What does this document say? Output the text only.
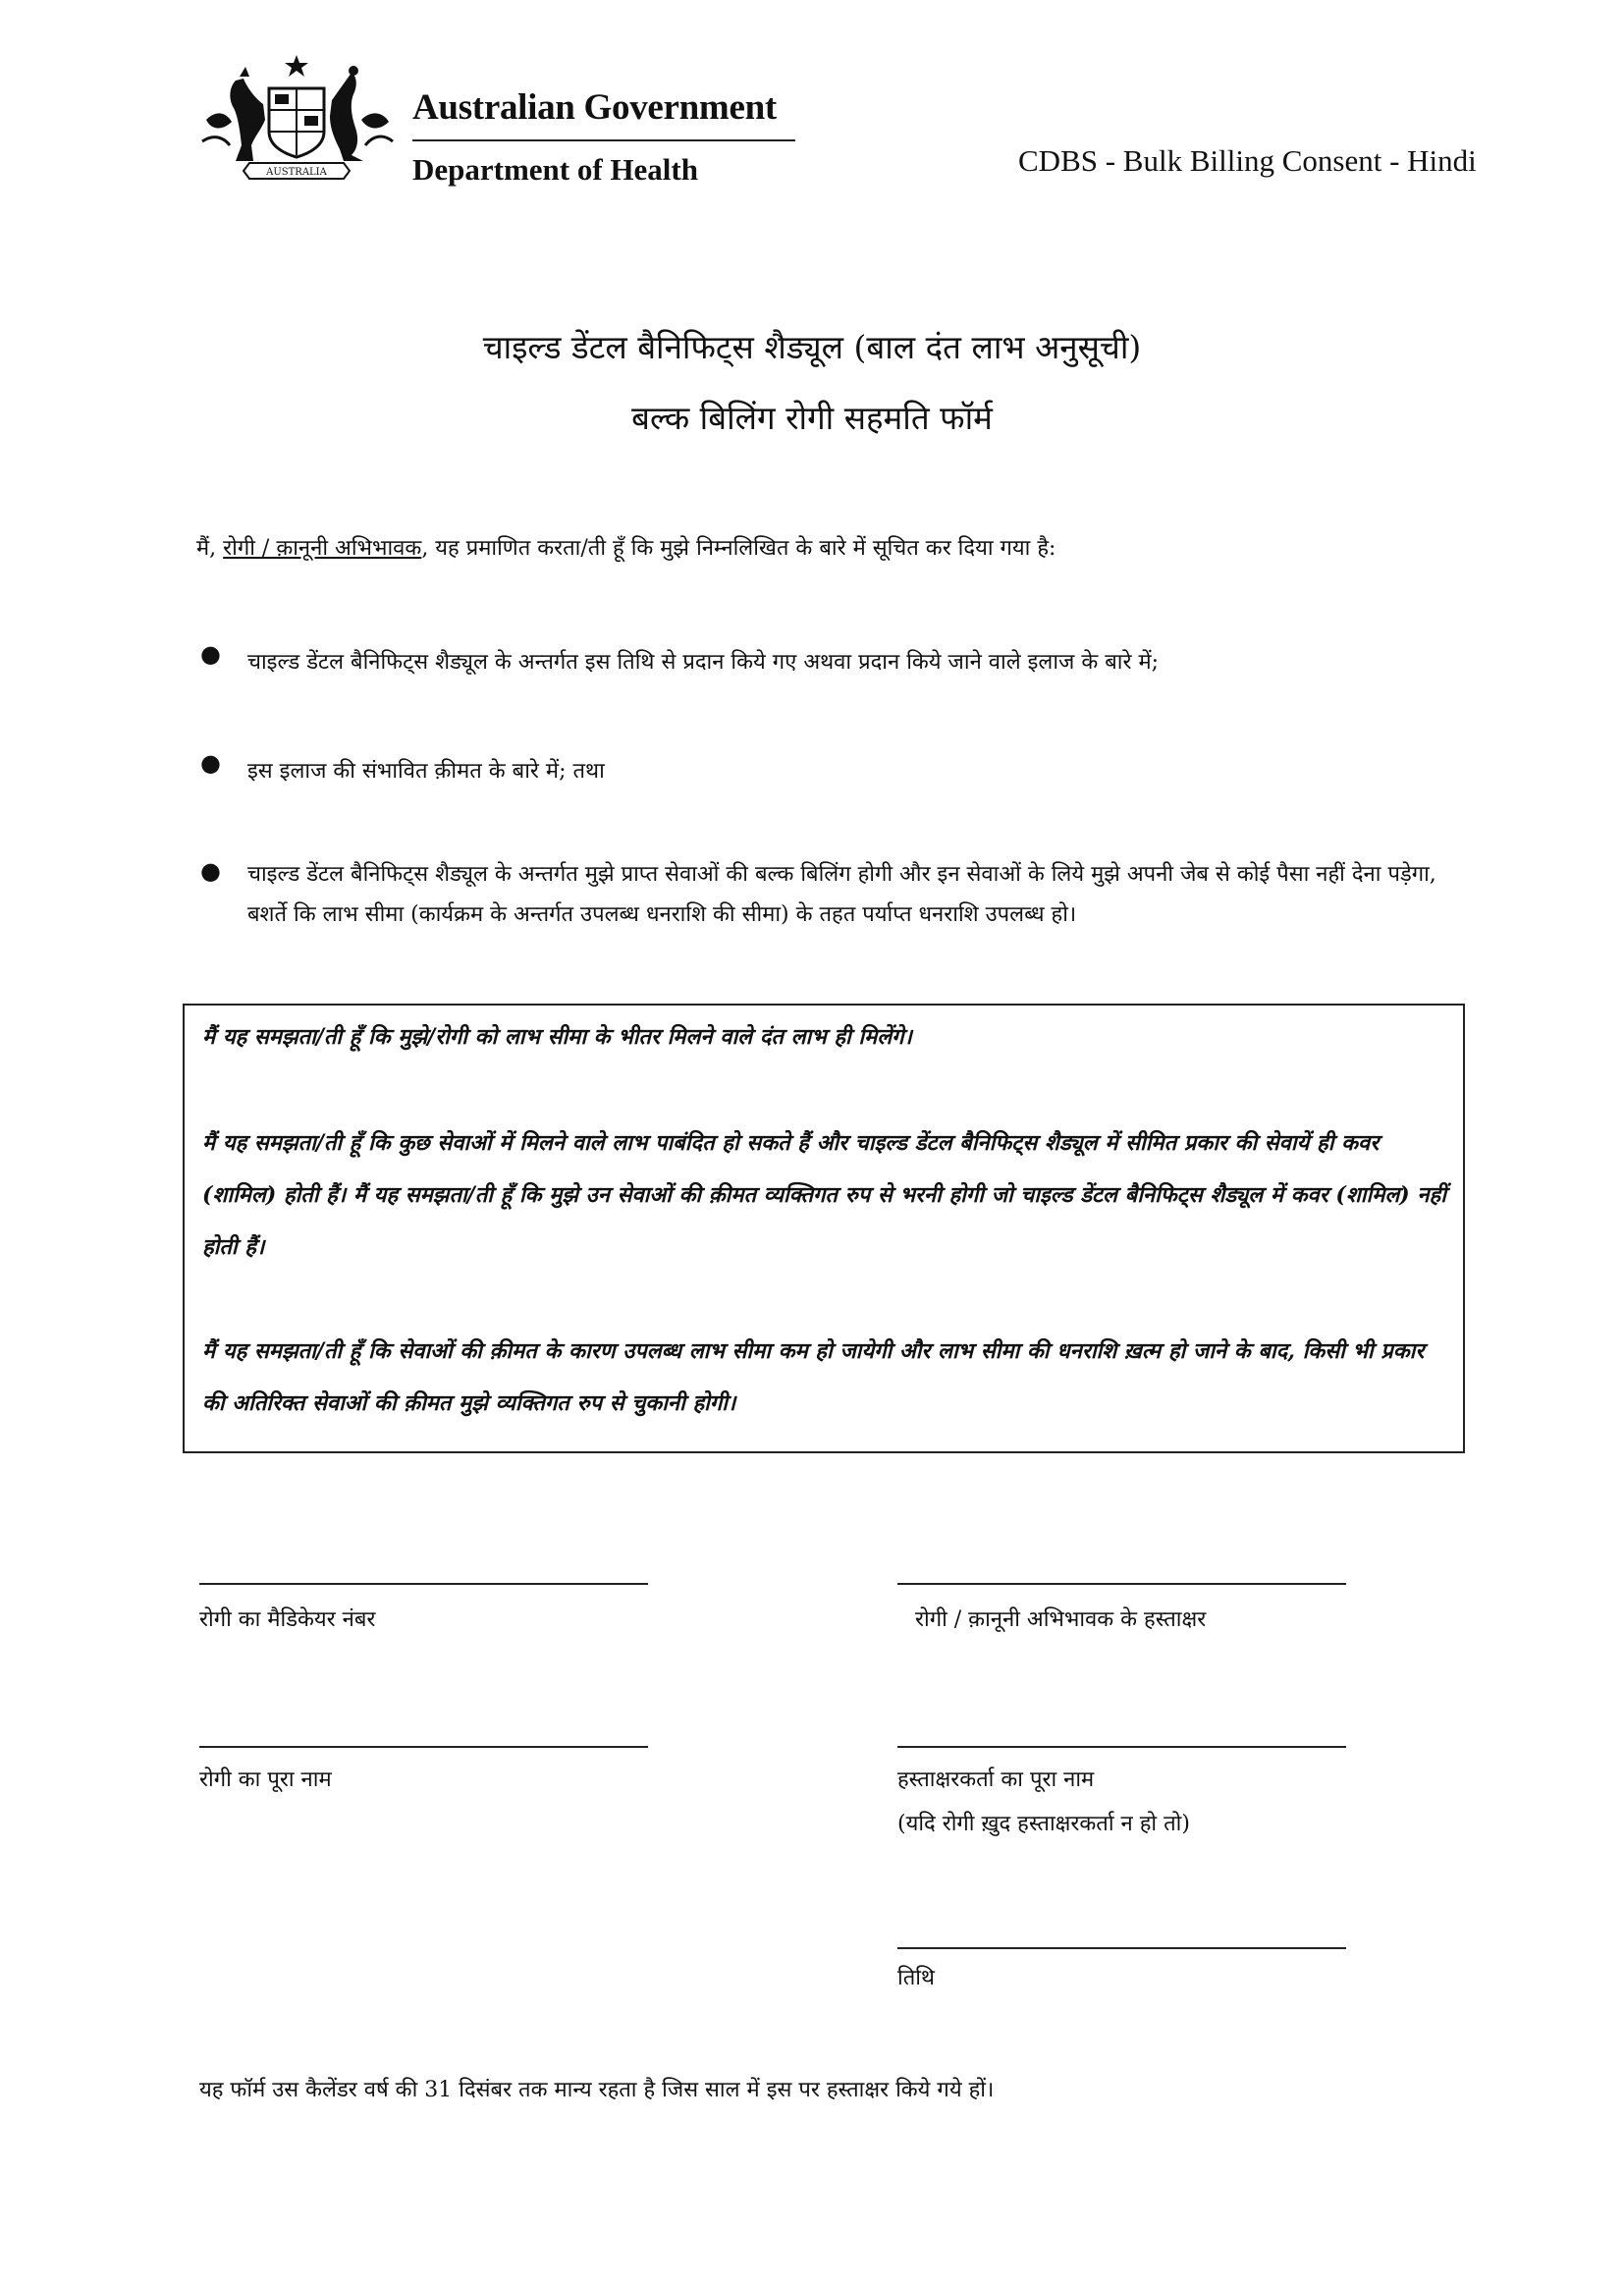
AUSTRALIA
Australian Government
Department of Health	CDBS - Bulk Billing Consent - Hindi
चाइल्ड डेंटल बैनिफिट्स शैड्यूल (बाल दंत लाभ अनुसूची)
बल्क बिलिंग रोगी सहमति फॉर्म
मैं, रोगी / क़ानूनी अभिभावक, यह प्रमाणित करता/ती हूँ कि मुझे निम्नलिखित के बारे में सूचित कर दिया गया है:
● चाइल्ड डेंटल बैनिफिट्स शैड्यूल के अन्तर्गत इस तिथि से प्रदान किये गए अथवा प्रदान किये जाने वाले इलाज के बारे में;
● इस इलाज की संभावित क़ीमत के बारे में; तथा
● चाइल्ड डेंटल बैनिफिट्स शैड्यूल के अन्तर्गत मुझे प्राप्त सेवाओं की बल्क बिलिंग होगी और इन सेवाओं के लिये मुझे अपनी जेब से कोई पैसा नहीं देना पड़ेगा, बशर्ते कि लाभ सीमा (कार्यक्रम के अन्तर्गत उपलब्ध धनराशि की सीमा) के तहत पर्याप्त धनराशि उपलब्ध हो।
मैं यह समझता/ती हूँ कि मुझे/रोगी को लाभ सीमा के भीतर मिलने वाले दंत लाभ ही मिलेंगे।
मैं यह समझता/ती हूँ कि कुछ सेवाओं में मिलने वाले लाभ पाबंदित हो सकते हैं और चाइल्ड डेंटल बैनिफिट्स शैड्यूल में सीमित प्रकार की सेवायें ही कवर (शामिल) होती हैं। मैं यह समझता/ती हूँ कि मुझे उन सेवाओं की क़ीमत व्यक्तिगत रुप से भरनी होगी जो चाइल्ड डेंटल बैनिफिट्स शैड्यूल में कवर (शामिल) नहीं होती हैं।
मैं यह समझता/ती हूँ कि सेवाओं की क़ीमत के कारण उपलब्ध लाभ सीमा कम हो जायेगी और लाभ सीमा की धनराशि ख़त्म हो जाने के बाद, किसी भी प्रकार की अतिरिक्त सेवाओं की क़ीमत मुझे व्यक्तिगत रुप से चुकानी होगी।
रोगी का मैडिकेयर नंबर	रोगी / क़ानूनी अभिभावक के हस्ताक्षर
रोगी का पूरा नाम	हस्ताक्षरकर्ता का पूरा नाम
(यदि रोगी ख़ुद हस्ताक्षरकर्ता न हो तो)
तिथि
यह फॉर्म उस कैलेंडर वर्ष की 31 दिसंबर तक मान्य रहता है जिस साल में इस पर हस्ताक्षर किये गये हों।
